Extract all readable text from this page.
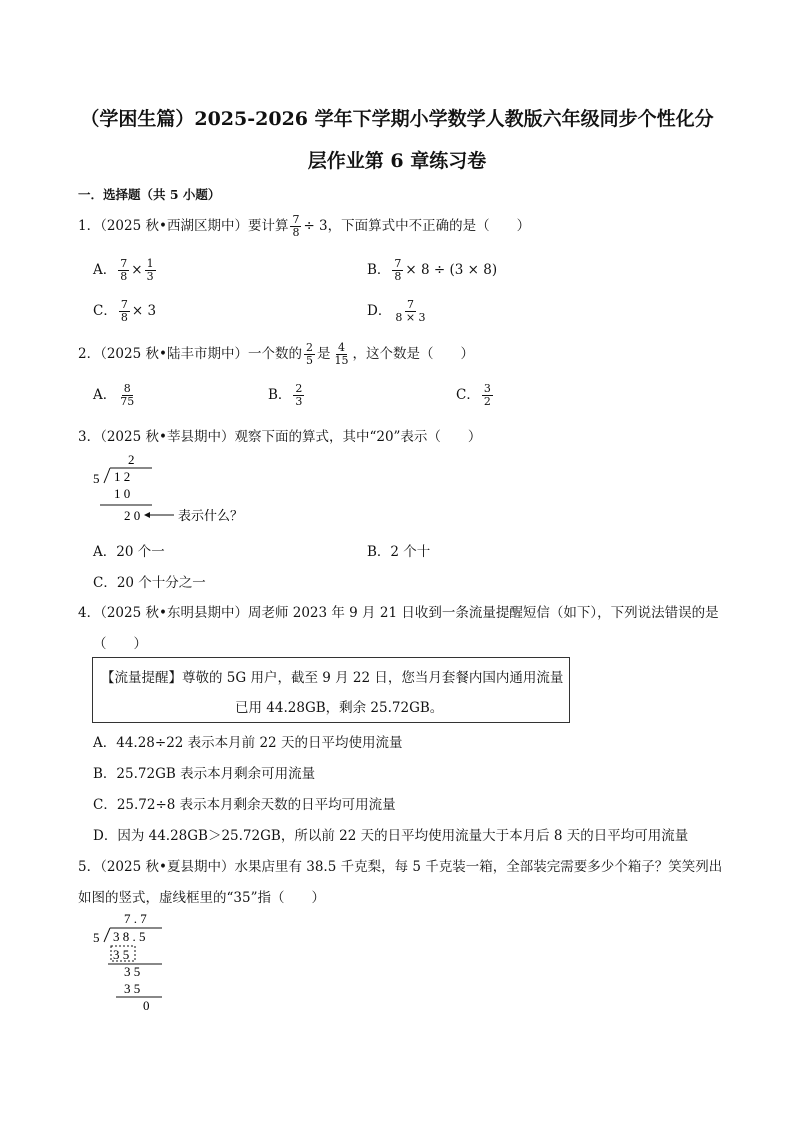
（学困生篇）2025-2026 学年下学期小学数学人教版六年级同步个性化分
层作业第 6 章练习卷
一．选择题（共 5 小题）
1．（2025 秋•西湖区期中）要计算 $\frac{7}{8} \div 3$，下面算式中不正确的是（　　）
A． $\frac{7}{8} \times \frac{1}{3}$	B． $\frac{7}{8} \times 8 \div (3 \times 8)$
C． $\frac{7}{8} \times 3$	D． $\frac{7}{8 \times 3}$
2．（2025 秋•陆丰市期中）一个数的 $\frac{2}{5}$ 是 $\frac{4}{15}$ ，这个数是（　　）
A． $\frac{8}{75}$	B． $\frac{2}{3}$	C． $\frac{3}{2}$
3．（2025 秋•莘县期中）观察下面的算式，其中“20”表示（　　）
2
5 1 2
1 0
2 0	表示什么？
A．20 个一	B．2 个十
C．20 个十分之一
4．（2025 秋•东明县期中）周老师 2023 年 9 月 21 日收到一条流量提醒短信（如下），下列说法错误的是
（　　）
【流量提醒】尊敬的 5G 用户，截至 9 月 22 日，您当月套餐内国内通用流量
已用 44.28GB，剩余 25.72GB。
A．44.28÷22 表示本月前 22 天的日平均使用流量
B．25.72GB 表示本月剩余可用流量
C．25.72÷8 表示本月剩余天数的日平均可用流量
D．因为 44.28GB＞25.72GB，所以前 22 天的日平均使用流量大于本月后 8 天的日平均可用流量
5．（2025 秋•夏县期中）水果店里有 38.5 千克梨，每 5 千克装一箱，全部装完需要多少个箱子？笑笑列出
如图的竖式，虚线框里的“35”指（　　）
7 . 7
5 3 8 . 5
3 5
3 5
3 5
0
